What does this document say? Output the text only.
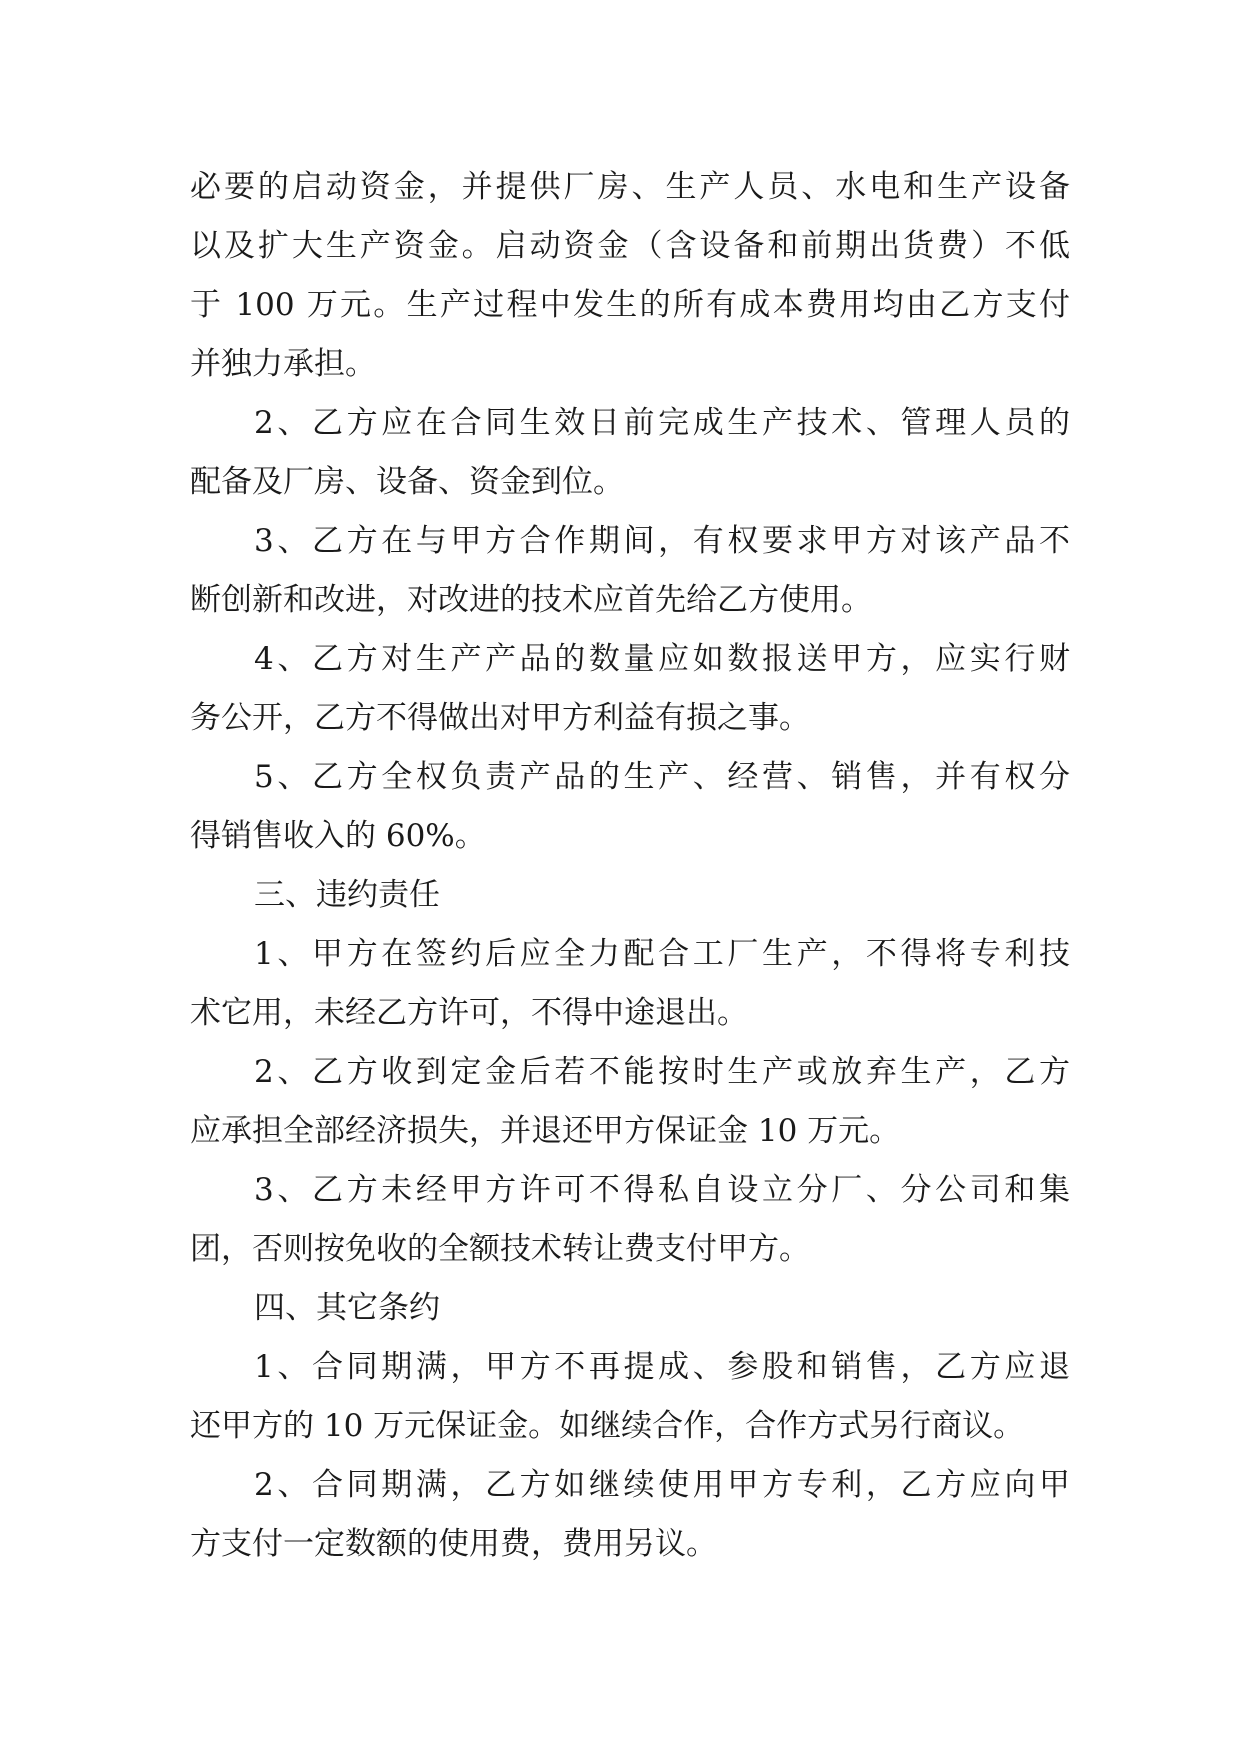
必要的启动资金，并提供厂房、生产人员、水电和生产设备
以及扩大生产资金。启动资金（含设备和前期出货费）不低
于 100 万元。生产过程中发生的所有成本费用均由乙方支付
并独力承担。
2、乙方应在合同生效日前完成生产技术、管理人员的
配备及厂房、设备、资金到位。
3、乙方在与甲方合作期间，有权要求甲方对该产品不
断创新和改进，对改进的技术应首先给乙方使用。
4、乙方对生产产品的数量应如数报送甲方，应实行财
务公开，乙方不得做出对甲方利益有损之事。
5、乙方全权负责产品的生产、经营、销售，并有权分
得销售收入的 60%。
三、违约责任
1、甲方在签约后应全力配合工厂生产，不得将专利技
术它用，未经乙方许可，不得中途退出。
2、乙方收到定金后若不能按时生产或放弃生产，乙方
应承担全部经济损失，并退还甲方保证金 10 万元。
3、乙方未经甲方许可不得私自设立分厂、分公司和集
团，否则按免收的全额技术转让费支付甲方。
四、其它条约
1、合同期满，甲方不再提成、参股和销售，乙方应退
还甲方的 10 万元保证金。如继续合作，合作方式另行商议。
2、合同期满，乙方如继续使用甲方专利，乙方应向甲
方支付一定数额的使用费，费用另议。
